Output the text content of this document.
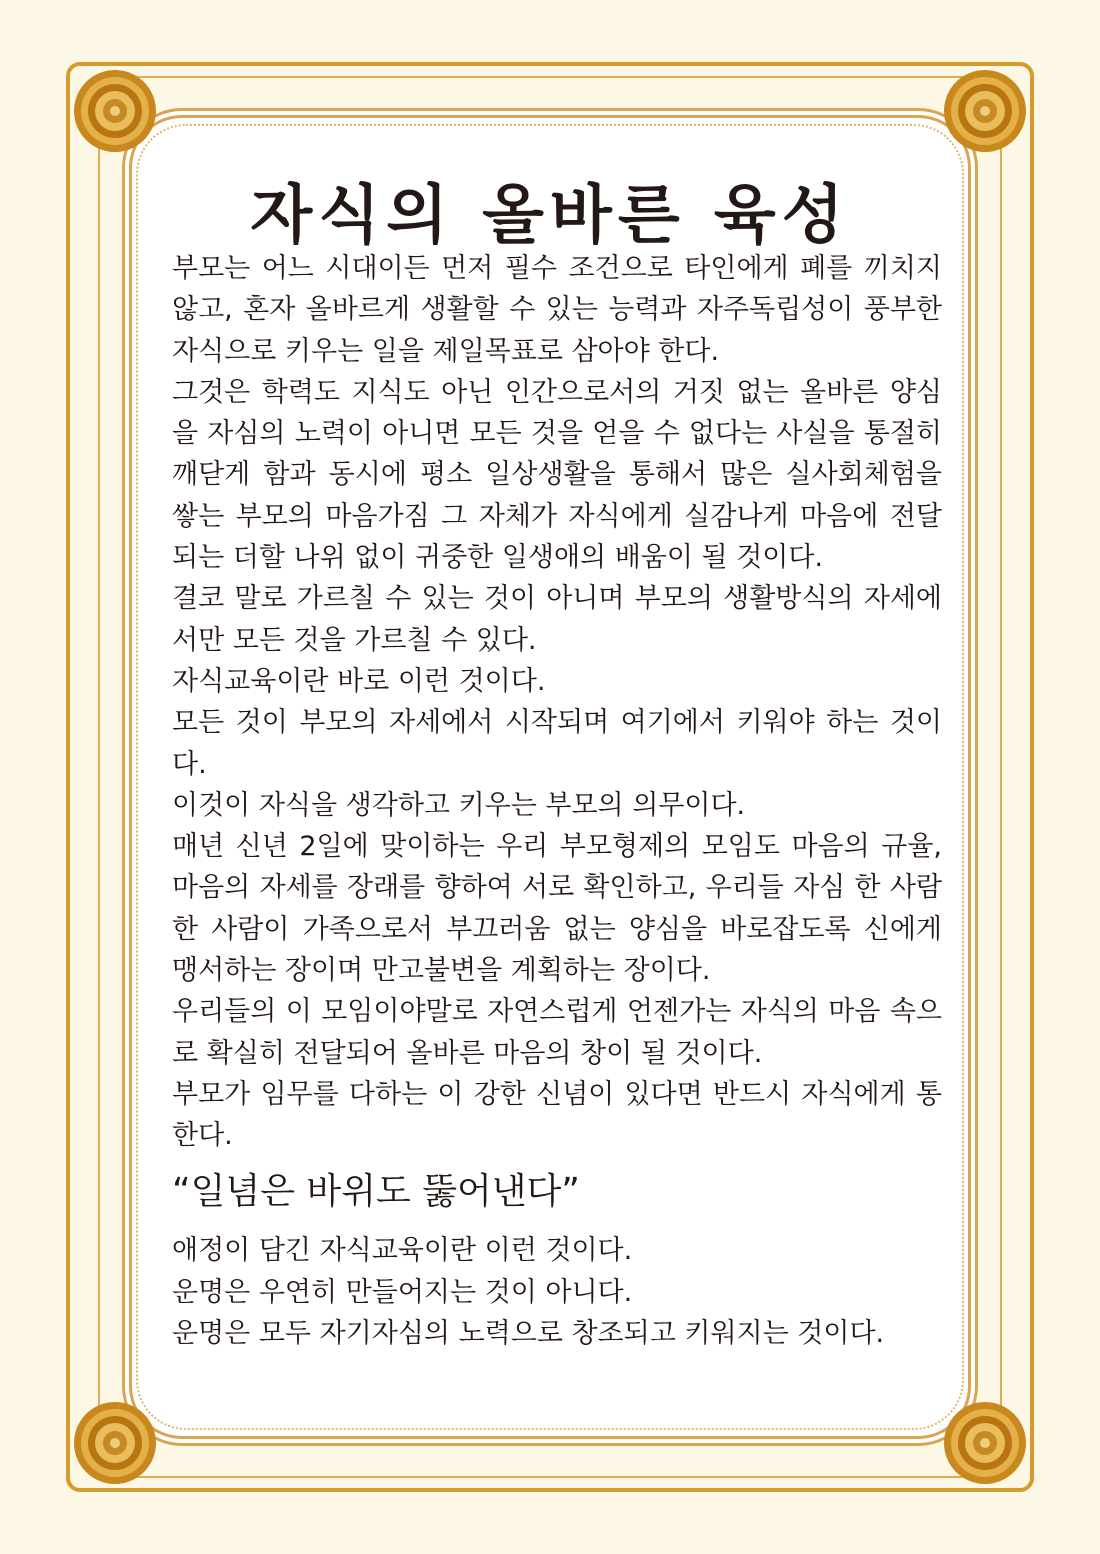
자식의 올바른 육성

부모는 어느 시대이든 먼저 필수 조건으로 타인에게 폐를 끼치지 않고, 혼자 올바르게 생활할 수 있는 능력과 자주독립성이 풍부한 자식으로 키우는 일을 제일목표로 삼아야 한다.

그것은 학력도 지식도 아닌 인간으로서의 거짓 없는 올바른 양심을 자심의 노력이 아니면 모든 것을 얻을 수 없다는 사실을 통절히 깨닫게 함과 동시에 평소 일상생활을 통해서 많은 실사회체험을 쌓는 부모의 마음가짐 그 자체가 자식에게 실감나게 마음에 전달되는 더할 나위 없이 귀중한 일생애의 배움이 될 것이다.

결코 말로 가르칠 수 있는 것이 아니며 부모의 생활방식의 자세에서만 모든 것을 가르칠 수 있다.

자식교육이란 바로 이런 것이다.

모든 것이 부모의 자세에서 시작되며 여기에서 키워야 하는 것이다.

이것이 자식을 생각하고 키우는 부모의 의무이다.

매년 신년 2일에 맞이하는 우리 부모형제의 모임도 마음의 규율, 마음의 자세를 장래를 향하여 서로 확인하고, 우리들 자심 한 사람 한 사람이 가족으로서 부끄러움 없는 양심을 바로잡도록 신에게 맹서하는 장이며 만고불변을 계획하는 장이다.

우리들의 이 모임이야말로 자연스럽게 언젠가는 자식의 마음 속으로 확실히 전달되어 올바른 마음의 창이 될 것이다.

부모가 임무를 다하는 이 강한 신념이 있다면 반드시 자식에게 통한다.

“일념은 바위도 뚫어낸다”

애정이 담긴 자식교육이란 이런 것이다.

운명은 우연히 만들어지는 것이 아니다.

운명은 모두 자기자심의 노력으로 창조되고 키워지는 것이다.
